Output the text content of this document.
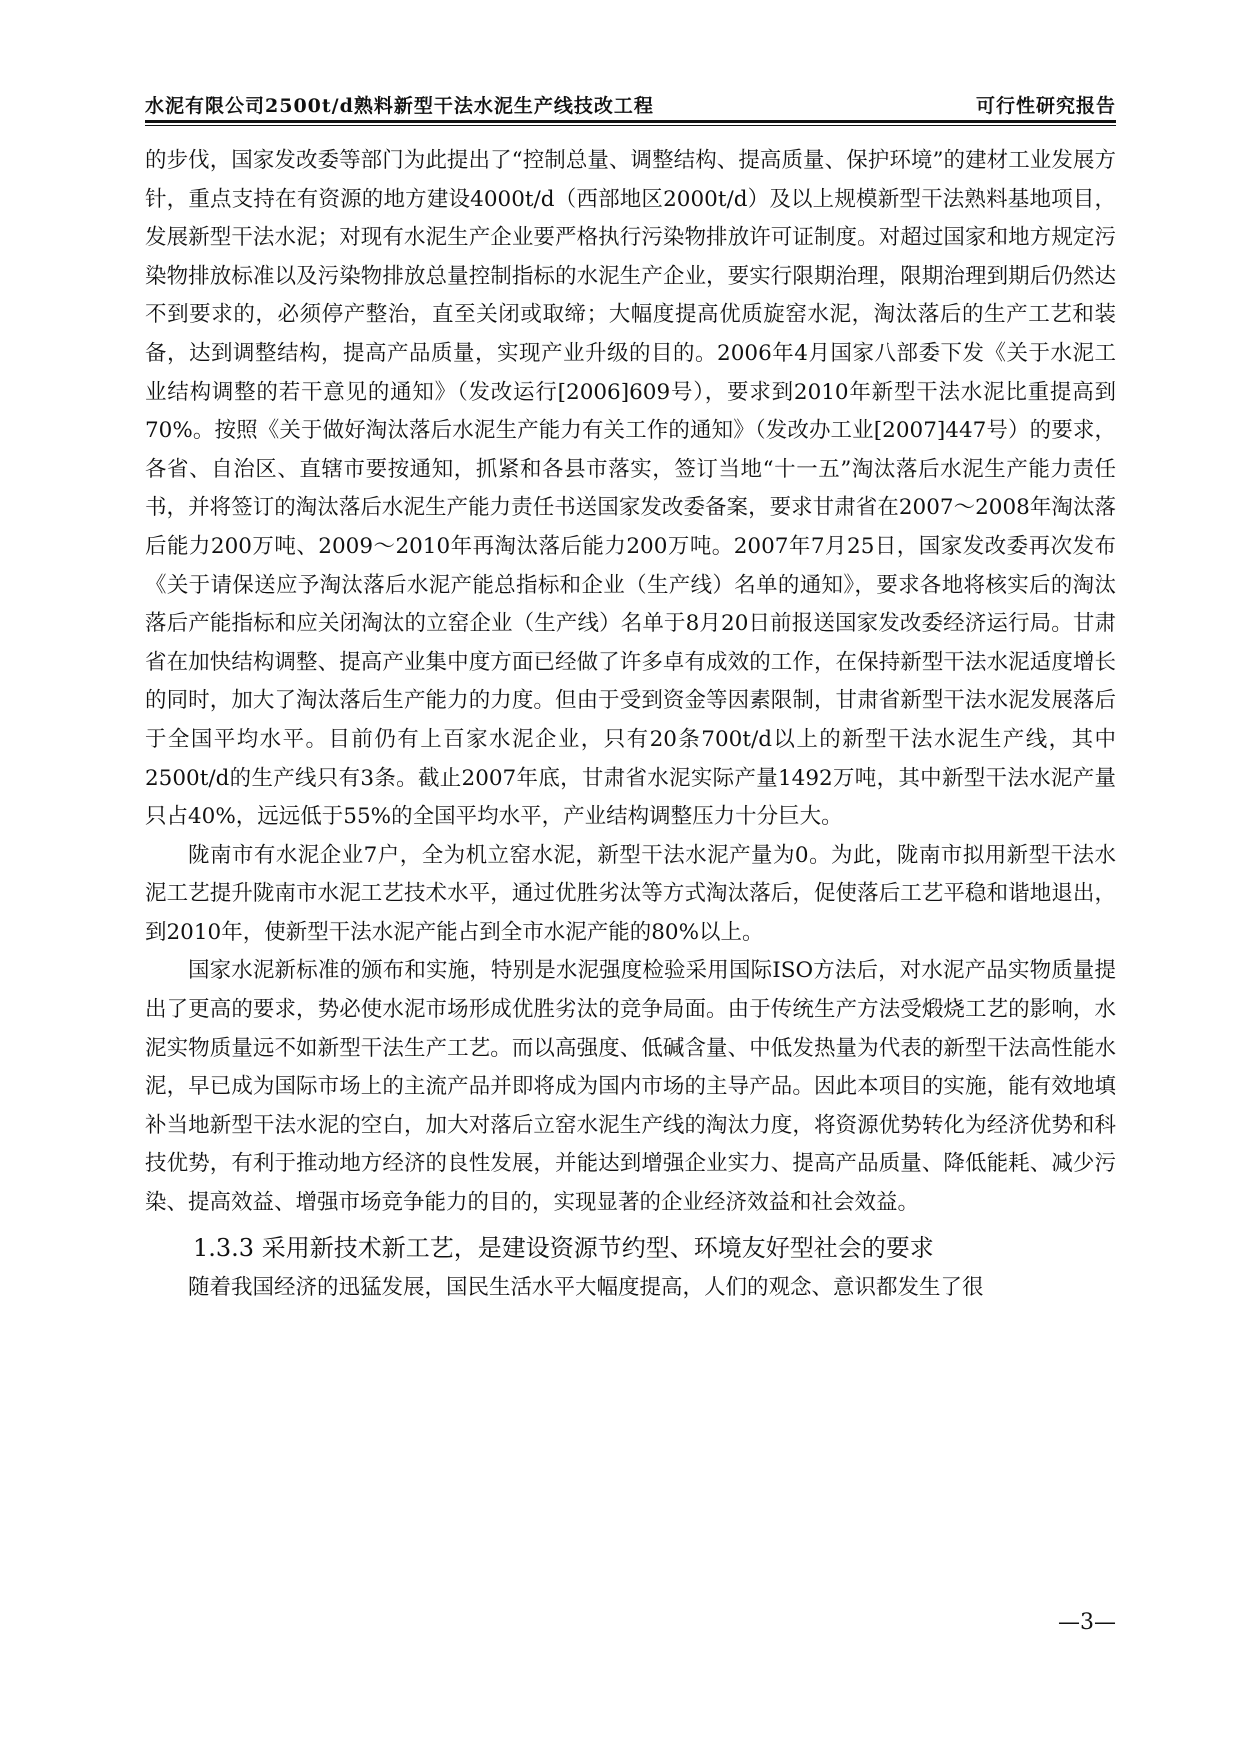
水泥有限公司2500t/d熟料新型干法水泥生产线技改工程	可行性研究报告

的步伐，国家发改委等部门为此提出了“控制总量、调整结构、提高质量、保护环境”的建材工业发展方针，重点支持在有资源的地方建设4000t/d（西部地区2000t/d）及以上规模新型干法熟料基地项目，发展新型干法水泥；对现有水泥生产企业要严格执行污染物排放许可证制度。对超过国家和地方规定污染物排放标准以及污染物排放总量控制指标的水泥生产企业，要实行限期治理，限期治理到期后仍然达不到要求的，必须停产整治，直至关闭或取缔；大幅度提高优质旋窑水泥，淘汰落后的生产工艺和装备，达到调整结构，提高产品质量，实现产业升级的目的。2006年4月国家八部委下发《关于水泥工业结构调整的若干意见的通知》（发改运行[2006]609号），要求到2010年新型干法水泥比重提高到70%。按照《关于做好淘汰落后水泥生产能力有关工作的通知》（发改办工业[2007]447号）的要求，各省、自治区、直辖市要按通知，抓紧和各县市落实，签订当地“十一五”淘汰落后水泥生产能力责任书，并将签订的淘汰落后水泥生产能力责任书送国家发改委备案，要求甘肃省在2007～2008年淘汰落后能力200万吨、2009～2010年再淘汰落后能力200万吨。2007年7月25日，国家发改委再次发布《关于请保送应予淘汰落后水泥产能总指标和企业（生产线）名单的通知》，要求各地将核实后的淘汰落后产能指标和应关闭淘汰的立窑企业（生产线）名单于8月20日前报送国家发改委经济运行局。甘肃省在加快结构调整、提高产业集中度方面已经做了许多卓有成效的工作，在保持新型干法水泥适度增长的同时，加大了淘汰落后生产能力的力度。但由于受到资金等因素限制，甘肃省新型干法水泥发展落后于全国平均水平。目前仍有上百家水泥企业，只有20条700t/d以上的新型干法水泥生产线，其中2500t/d的生产线只有3条。截止2007年底，甘肃省水泥实际产量1492万吨，其中新型干法水泥产量只占40%，远远低于55%的全国平均水平，产业结构调整压力十分巨大。

陇南市有水泥企业7户，全为机立窑水泥，新型干法水泥产量为0。为此，陇南市拟用新型干法水泥工艺提升陇南市水泥工艺技术水平，通过优胜劣汰等方式淘汰落后，促使落后工艺平稳和谐地退出，到2010年，使新型干法水泥产能占到全市水泥产能的80%以上。

国家水泥新标准的颁布和实施，特别是水泥强度检验采用国际ISO方法后，对水泥产品实物质量提出了更高的要求，势必使水泥市场形成优胜劣汰的竞争局面。由于传统生产方法受煅烧工艺的影响，水泥实物质量远不如新型干法生产工艺。而以高强度、低碱含量、中低发热量为代表的新型干法高性能水泥，早已成为国际市场上的主流产品并即将成为国内市场的主导产品。因此本项目的实施，能有效地填补当地新型干法水泥的空白，加大对落后立窑水泥生产线的淘汰力度，将资源优势转化为经济优势和科技优势，有利于推动地方经济的良性发展，并能达到增强企业实力、提高产品质量、降低能耗、减少污染、提高效益、增强市场竞争能力的目的，实现显著的企业经济效益和社会效益。

1.3.3 采用新技术新工艺，是建设资源节约型、环境友好型社会的要求

随着我国经济的迅猛发展，国民生活水平大幅度提高，人们的观念、意识都发生了很

—3—
